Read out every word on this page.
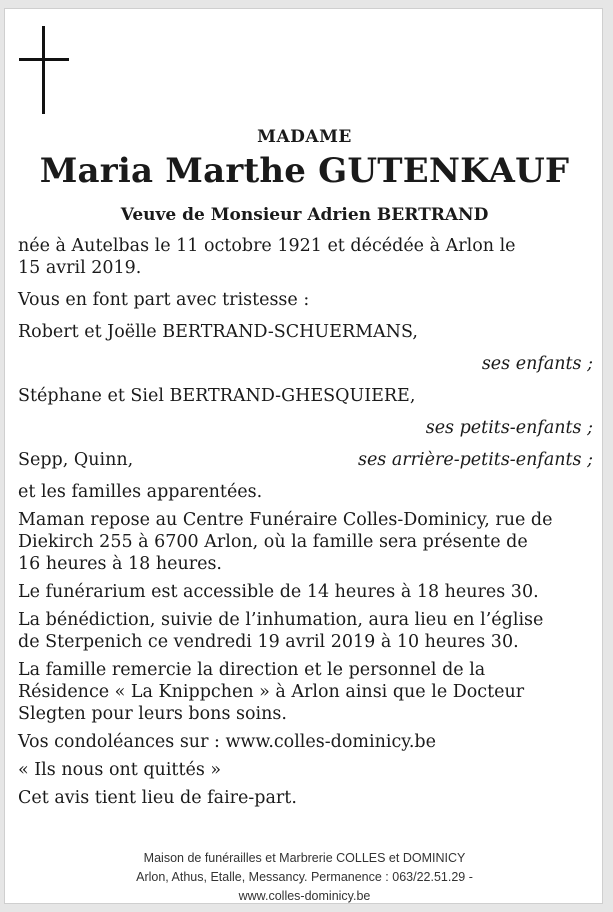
MADAME
Maria Marthe GUTENKAUF
Veuve de Monsieur Adrien BERTRAND

née à Autelbas le 11 octobre 1921 et décédée à Arlon le

15 avril 2019.

Vous en font part avec tristesse :

Robert et Joëlle BERTRAND-SCHUERMANS,

ses enfants ;

Stéphane et Siel BERTRAND-GHESQUIERE,

ses petits-enfants ;

Sepp, Quinn,	ses arrière-petits-enfants ;

et les familles apparentées.

Maman repose au Centre Funéraire Colles-Dominicy, rue de

Diekirch 255 à 6700 Arlon, où la famille sera présente de

16 heures à 18 heures.

Le funérarium est accessible de 14 heures à 18 heures 30.

La bénédiction, suivie de l’inhumation, aura lieu en l’église

de Sterpenich ce vendredi 19 avril 2019 à 10 heures 30.

La famille remercie la direction et le personnel de la

Résidence « La Knippchen » à Arlon ainsi que le Docteur

Slegten pour leurs bons soins.

Vos condoléances sur : www.colles-dominicy.be

« Ils nous ont quittés »

Cet avis tient lieu de faire-part.

Maison de funérailles et Marbrerie COLLES et DOMINICY
Arlon, Athus, Etalle, Messancy. Permanence : 063/22.51.29 -
www.colles-dominicy.be
